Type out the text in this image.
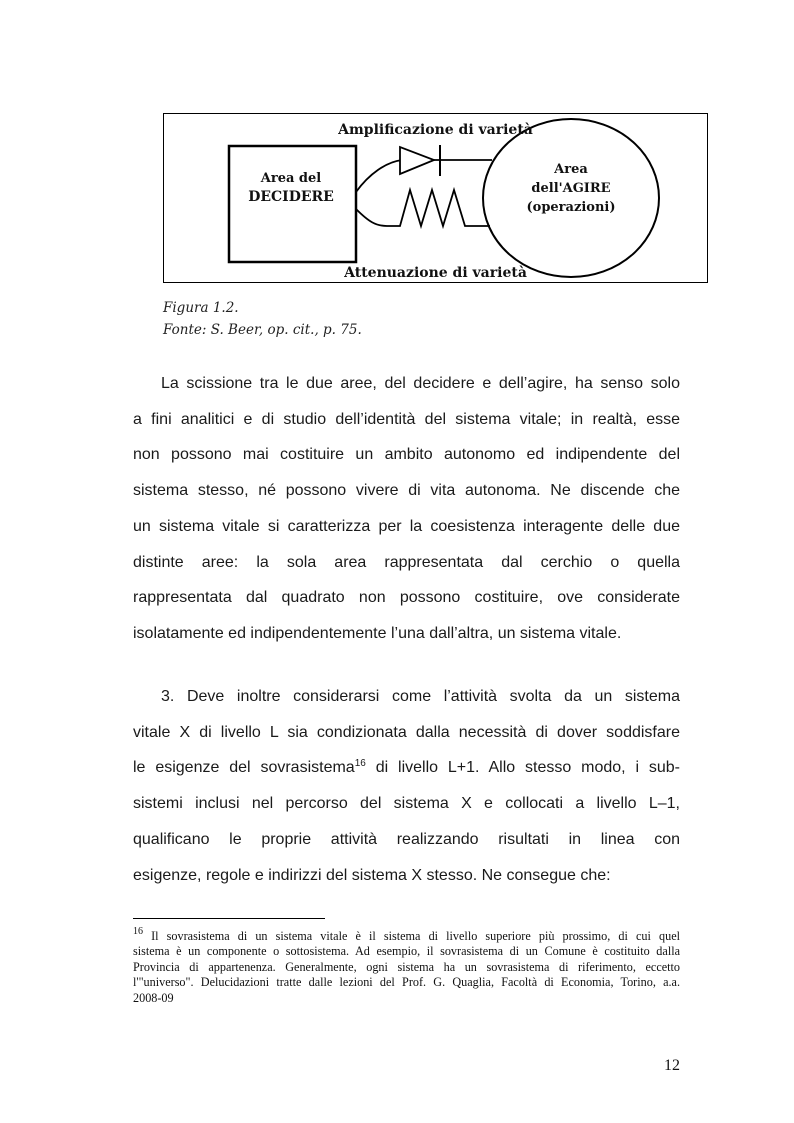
Amplificazione di varietà
Area del
DECIDERE
Area
dell'AGIRE
(operazioni)
Attenuazione di varietà
Figura 1.2.
Fonte: S. Beer, op. cit., p. 75.
La scissione tra le due aree, del decidere e dell’agire, ha senso solo
a fini analitici e di studio dell’identità del sistema vitale; in realtà, esse
non possono mai costituire un ambito autonomo ed indipendente del
sistema stesso, né possono vivere di vita autonoma. Ne discende che
un sistema vitale si caratterizza per la coesistenza interagente delle due
distinte aree: la sola area rappresentata dal cerchio o quella
rappresentata dal quadrato non possono costituire, ove considerate
isolatamente ed indipendentemente l’una dall’altra, un sistema vitale.
3. Deve inoltre considerarsi come l’attività svolta da un sistema
vitale X di livello L sia condizionata dalla necessità di dover soddisfare
le esigenze del sovrasistema$^{16}$ di livello L+1. Allo stesso modo, i sub-
sistemi inclusi nel percorso del sistema X e collocati a livello L–1,
qualificano le proprie attività realizzando risultati in linea con
esigenze, regole e indirizzi del sistema X stesso. Ne consegue che:
$^{16}$ Il sovrasistema di un sistema vitale è il sistema di livello superiore più prossimo, di cui quel
sistema è un componente o sottosistema. Ad esempio, il sovrasistema di un Comune è costituito dalla
Provincia di appartenenza. Generalmente, ogni sistema ha un sovrasistema di riferimento, eccetto
l'"universo". Delucidazioni tratte dalle lezioni del Prof. G. Quaglia, Facoltà di Economia, Torino, a.a.
2008-09
12
